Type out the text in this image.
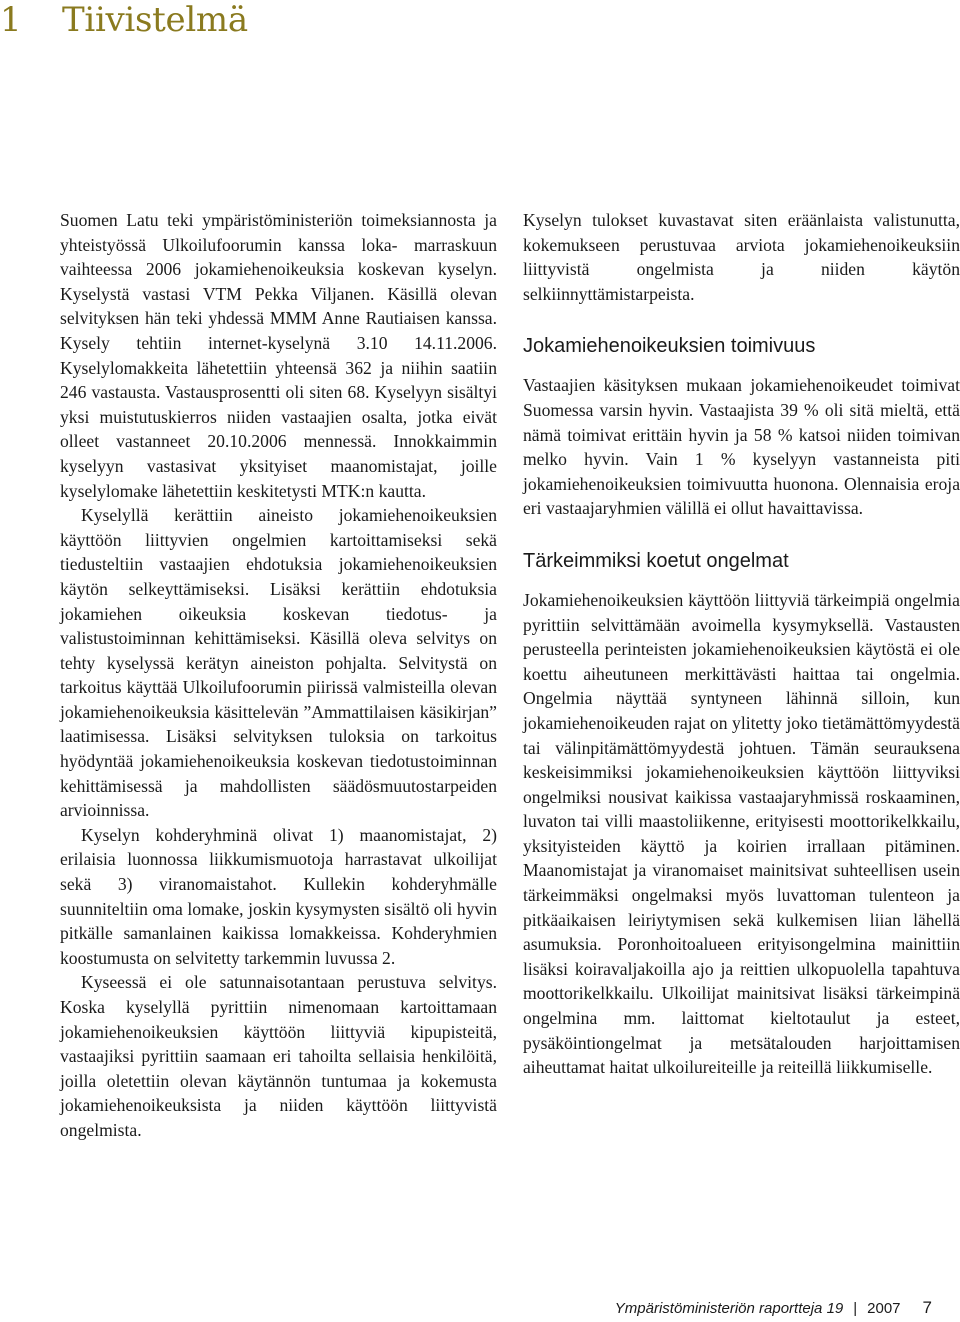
1	Tiivistelmä

Suomen Latu teki ympäristöministeriön toimeksiannosta ja yhteistyössä Ulkoilufoorumin kanssa loka- marraskuun vaihteessa 2006 jokamiehenoikeuksia koskevan kyselyn. Kyselystä vastasi VTM Pekka Viljanen. Käsillä olevan selvityksen hän teki yhdessä MMM Anne Rautiaisen kanssa. Kysely tehtiin internet-kyselynä 3.10 14.11.2006. Kyselylomakkeita lähetettiin yhteensä 362 ja niihin saatiin 246 vastausta. Vastausprosentti oli siten 68. Kyselyyn sisältyi yksi muistutuskierros niiden vastaajien osalta, jotka eivät olleet vastanneet 20.10.2006 mennessä. Innokkaimmin kyselyyn vastasivat yksityiset maanomistajat, joille kyselylomake lähetettiin keskitetysti MTK:n kautta.

Kyselyllä kerättiin aineisto jokamiehenoikeuksien käyttöön liittyvien ongelmien kartoittamiseksi sekä tiedusteltiin vastaajien ehdotuksia jokamiehenoikeuksien käytön selkeyttämiseksi. Lisäksi kerättiin ehdotuksia jokamiehen oikeuksia koskevan tiedotus- ja valistustoiminnan kehittämiseksi. Käsillä oleva selvitys on tehty kyselyssä kerätyn aineiston pohjalta. Selvitystä on tarkoitus käyttää Ulkoilufoorumin piirissä valmisteilla olevan jokamiehenoikeuksia käsittelevän ”Ammattilaisen käsikirjan” laatimisessa. Lisäksi selvityksen tuloksia on tarkoitus hyödyntää jokamiehenoikeuksia koskevan tiedotustoiminnan kehittämisessä ja mahdollisten säädösmuutostarpeiden arvioinnissa.

Kyselyn kohderyhminä olivat 1) maanomistajat, 2) erilaisia luonnossa liikkumismuotoja harrastavat ulkoilijat sekä 3) viranomaistahot. Kullekin kohderyhmälle suunniteltiin oma lomake, joskin kysymysten sisältö oli hyvin pitkälle samanlainen kaikissa lomakkeissa. Kohderyhmien koostumusta on selvitetty tarkemmin luvussa 2.

Kyseessä ei ole satunnaisotantaan perustuva selvitys. Koska kyselyllä pyrittiin nimenomaan kartoittamaan jokamiehenoikeuksien käyttöön liittyviä kipupisteitä, vastaajiksi pyrittiin saamaan eri tahoilta sellaisia henkilöitä, joilla oletettiin olevan käytännön tuntumaa ja kokemusta jokamiehenoikeuksista ja niiden käyttöön liittyvistä ongelmista.

Kyselyn tulokset kuvastavat siten eräänlaista valistunutta, kokemukseen perustuvaa arviota jokamiehenoikeuksiin liittyvistä ongelmista ja niiden käytön selkiinnyttämistarpeista.

Jokamiehenoikeuksien toimivuus

Vastaajien käsityksen mukaan jokamiehenoikeudet toimivat Suomessa varsin hyvin. Vastaajista 39 % oli sitä mieltä, että nämä toimivat erittäin hyvin ja 58 % katsoi niiden toimivan melko hyvin. Vain 1 % kyselyyn vastanneista piti jokamiehenoikeuksien toimivuutta huonona. Olennaisia eroja eri vastaajaryhmien välillä ei ollut havaittavissa.

Tärkeimmiksi koetut ongelmat

Jokamiehenoikeuksien käyttöön liittyviä tärkeimpiä ongelmia pyrittiin selvittämään avoimella kysymyksellä. Vastausten perusteella perinteisten jokamiehenoikeuksien käytöstä ei ole koettu aiheutuneen merkittävästi haittaa tai ongelmia. Ongelmia näyttää syntyneen lähinnä silloin, kun jokamiehenoikeuden rajat on ylitetty joko tietämättömyydestä tai välinpitämättömyydestä johtuen. Tämän seurauksena keskeisimmiksi jokamiehenoikeuksien käyttöön liittyviksi ongelmiksi nousivat kaikissa vastaajaryhmissä roskaaminen, luvaton tai villi maastoliikenne, erityisesti moottorikelkkailu, yksityisteiden käyttö ja koirien irrallaan pitäminen. Maanomistajat ja viranomaiset mainitsivat suhteellisen usein tärkeimmäksi ongelmaksi myös luvattoman tulenteon ja pitkäaikaisen leiriytymisen sekä kulkemisen liian lähellä asumuksia. Poronhoitoalueen erityisongelmina mainittiin lisäksi koiravaljakoilla ajo ja reittien ulkopuolella tapahtuva moottorikelkkailu. Ulkoilijat mainitsivat lisäksi tärkeimpinä ongelmina mm. laittomat kieltotaulut ja esteet, pysäköintiongelmat ja metsätalouden harjoittamisen aiheuttamat haitat ulkoilureiteille ja reiteillä liikkumiselle.

Ympäristöministeriön raportteja
19 | 2007 7
